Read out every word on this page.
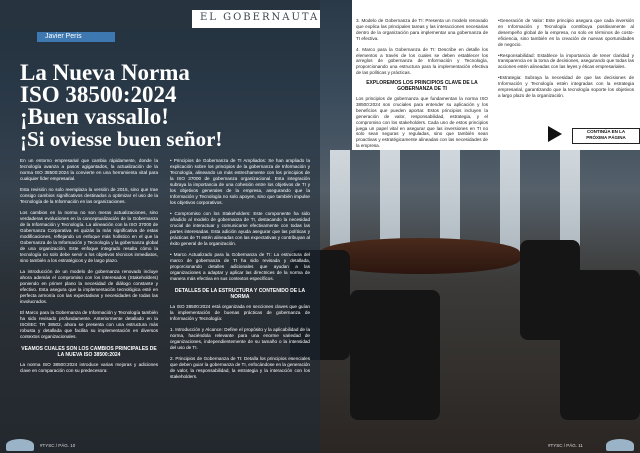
EL GOBERNAUTA
Javier Peris
La Nueva Norma
ISO 38500:2024
¡Buen vassallo!
¡Si oviesse buen señor!

En un entorno empresarial que cambia rápidamente, donde la tecnología avanza a pasos agigantados, la actualización de la norma ISO 38500:2024 la convierte en una herramienta vital para cualquier líder empresarial.

Esta revisión no solo reemplaza la versión de 2015, sino que trae consigo cambios significativos destinados a optimizar el uso de la Tecnología de la Información en las organizaciones.

Los cambios en la norma no son meras actualizaciones, sino verdaderas evoluciones en la conceptualización de la Gobernanza de la Información y Tecnología. La alineación con la ISO 37000 de Gobernanza Corporativa es quizás la más significativa de estas modificaciones, reflejando un enfoque más holístico en el que la Gobernanza de la Información y Tecnología y la gobernanza global de una organización. Este enfoque integrado resalta cómo la tecnología no solo debe servir a los objetivos técnicos inmediatos, sino también a los estratégicos y de largo plazo.

La introducción de un modelo de gobernanza renovado incluye ahora además el compromiso con los interesados (Stakeholders) poniendo en primer plano la necesidad de diálogo constante y efectivo. Esta asegura que la implementación tecnológica esté en perfecta armonía con las expectativas y necesidades de todas las involucrados.

El Marco para la Gobernanza de Información y Tecnología también ha sido revisado profundamente. Anteriormente detallado en la ISO/IEC TR 38502, ahora se presenta con una estructura más robusta y detallada que facilita su implementación en diversos contextos organizacionales.

VEAMOS CUALES SON LOS CAMBIOS PRINCIPALES DE LA NUEVA ISO 38500:2024

La norma ISO 38500:2024 introduce varias mejoras y adiciones clave en comparación con su predecesora:

• Principios de Gobernanza de TI Ampliados: Se han ampliado la explicación sobre los principios de la gobernanza de Información y Tecnología, alineando un más estrechamente con los principios de la ISO 37000 de gobernanza organizacional. Esta integración subraya la importancia de una cohesión entre los objetivos de TI y los objetivos generales de la empresa, asegurando que la Información y Tecnología no solo apoyen, sino que también impulse los objetivos corporativos.

• Compromiso con los Stakeholders: Este componente ha sido añadido al modelo de gobernanza de TI, destacando la necesidad crucial de interactuar y comunicarse efectivamente con todas las partes interesadas. Esta adición ayuda asegurar que las políticas y prácticas de TI estén alineadas con las expectativas y contribuyan al éxito general de la organización.

• Marco Actualizado para la Gobernanza de TI: La estructura del marco de gobernanza de TI ha sido revisada y detallada, proporcionando detalles adicionales que ayudan a las organizaciones a adaptar y aplicar las directrices de la norma de manera más efectiva en sus contextos específicos.

DETALLES DE LA ESTRUCTURA Y CONTENIDO DE LA NORMA

La ISO 38500:2024 está organizada en secciones claves que guían la implementación de buenas prácticas de gobernanza de Información y Tecnología:

1. Introducción y Alcance: Define el propósito y la aplicabilidad de la norma, haciéndola relevante para una enorme variedad de organizaciones, independientemente de su tamaño o la intensidad del uso de TI.

2. Principios de Gobernanza de TI: Detalla los principios esenciales que deben guiar la gobernanza de TI, enfocándose en la generación de valor, la responsabilidad, la estrategia y la interacción con los stakeholders.

3. Modelo de Gobernanza de TI: Presenta un modelo renovado que explica las principales tareas y las interacciones necesarias dentro de la organización para implementar una gobernanza de TI efectiva.

4. Marco para la Gobernanza de TI: Describe en detalle los elementos a través de los cuales se deben establecer los arreglos de gobernanza de Información y Tecnología, proporcionando una estructura para la implementación efectiva de las políticas y prácticas.

EXPLOREMOS LOS PRINCIPIOS CLAVE DE LA GOBERNANZA DE TI

Los principios de gobernanza que fundamentan la norma ISO 38500:2024 son cruciales para entender su aplicación y los beneficios que pueden aportar. Estos principios incluyen la generación de valor, responsabilidad, estrategia, y el compromiso con los stakeholders. Cada uno de estos principios juega un papel vital en asegurar que las inversiones en TI no solo sean seguras y reguladas, sino que también sean proactivas y estratégicamente alineadas con las necesidades de la empresa.

•Generación de Valor: Este principio asegura que cada inversión en Información y Tecnología contribuya positivamente al desempeño global de la empresa, no solo en términos de costo-eficiencia, sino también en la creación de nuevas oportunidades de negocio.

•Responsabilidad: Establece la importancia de tener claridad y transparencia en la toma de decisiones, asegurando que todas las acciones estén alineadas con las leyes y éticas empresariales.

•Estrategia: Subraya la necesidad de que las decisiones de Información y Tecnología estén integradas con la estrategia empresarial, garantizando que la tecnología soporte los objetivos a largo plazo de la organización.

CONTINÚA EN LA
PRÓXIMA PÁGINA
#TYSC / PÁG. 10	#TYSC / PÁG. 11
